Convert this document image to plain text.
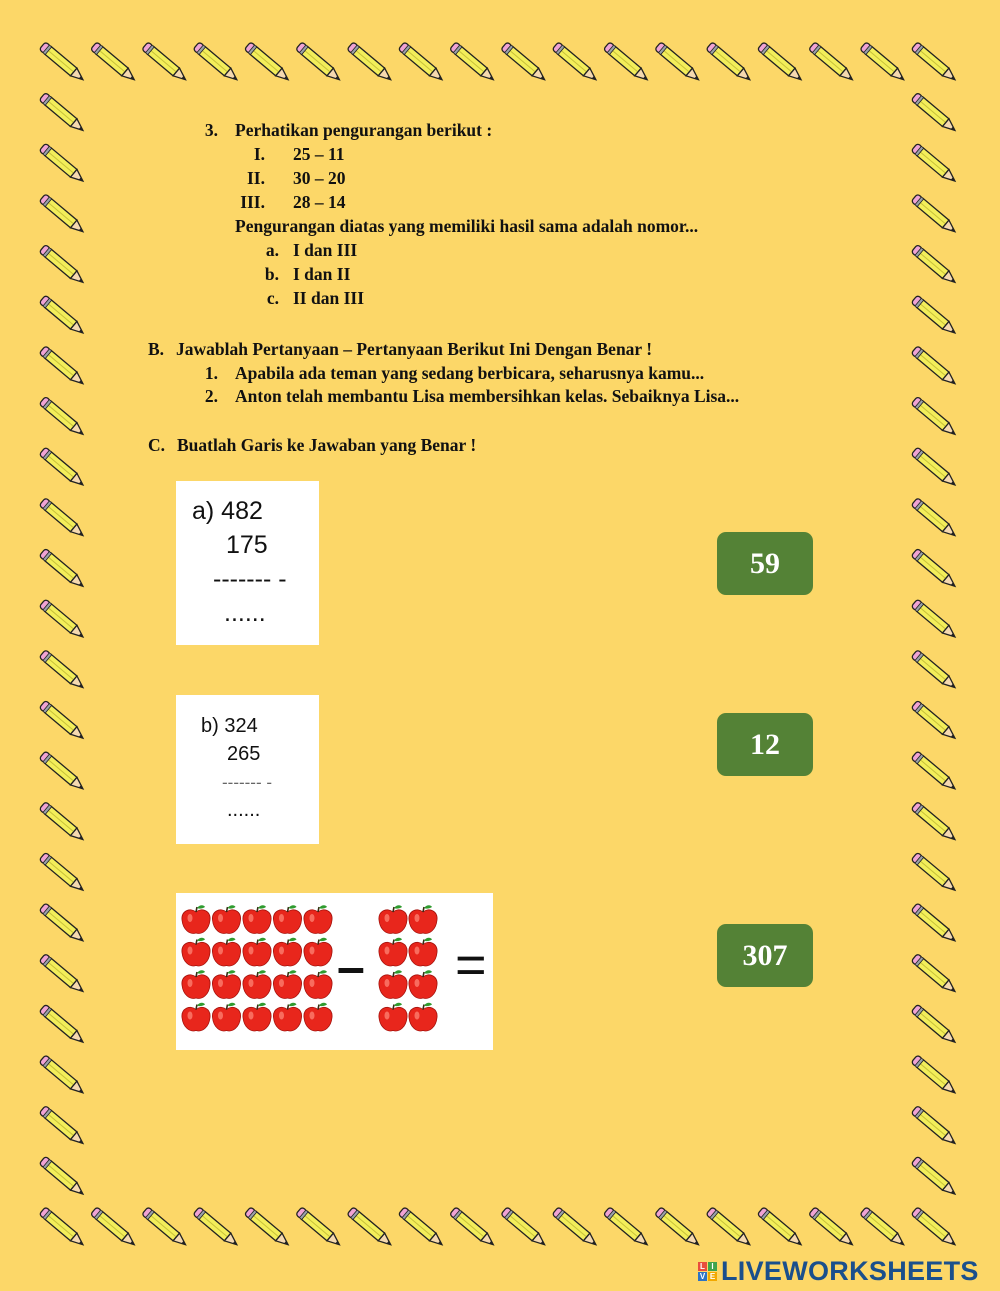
3. Perhatikan pengurangan berikut :
I. 25 – 11
II. 30 – 20
III. 28 – 14
Pengurangan diatas yang memiliki hasil sama adalah nomor...
a. I dan III
b. I dan II
c. II dan III
B. Jawablah Pertanyaan – Pertanyaan Berikut Ini Dengan Benar !
1. Apabila ada teman yang sedang berbicara, seharusnya kamu...
2. Anton telah membantu Lisa membersihkan kelas. Sebaiknya Lisa...
C. Buatlah Garis ke Jawaban yang Benar !
a) 482
175
------- -
......
b) 324
265
------- -
......
– =
59
12
307
L I
V E LIVEWORKSHEETS
